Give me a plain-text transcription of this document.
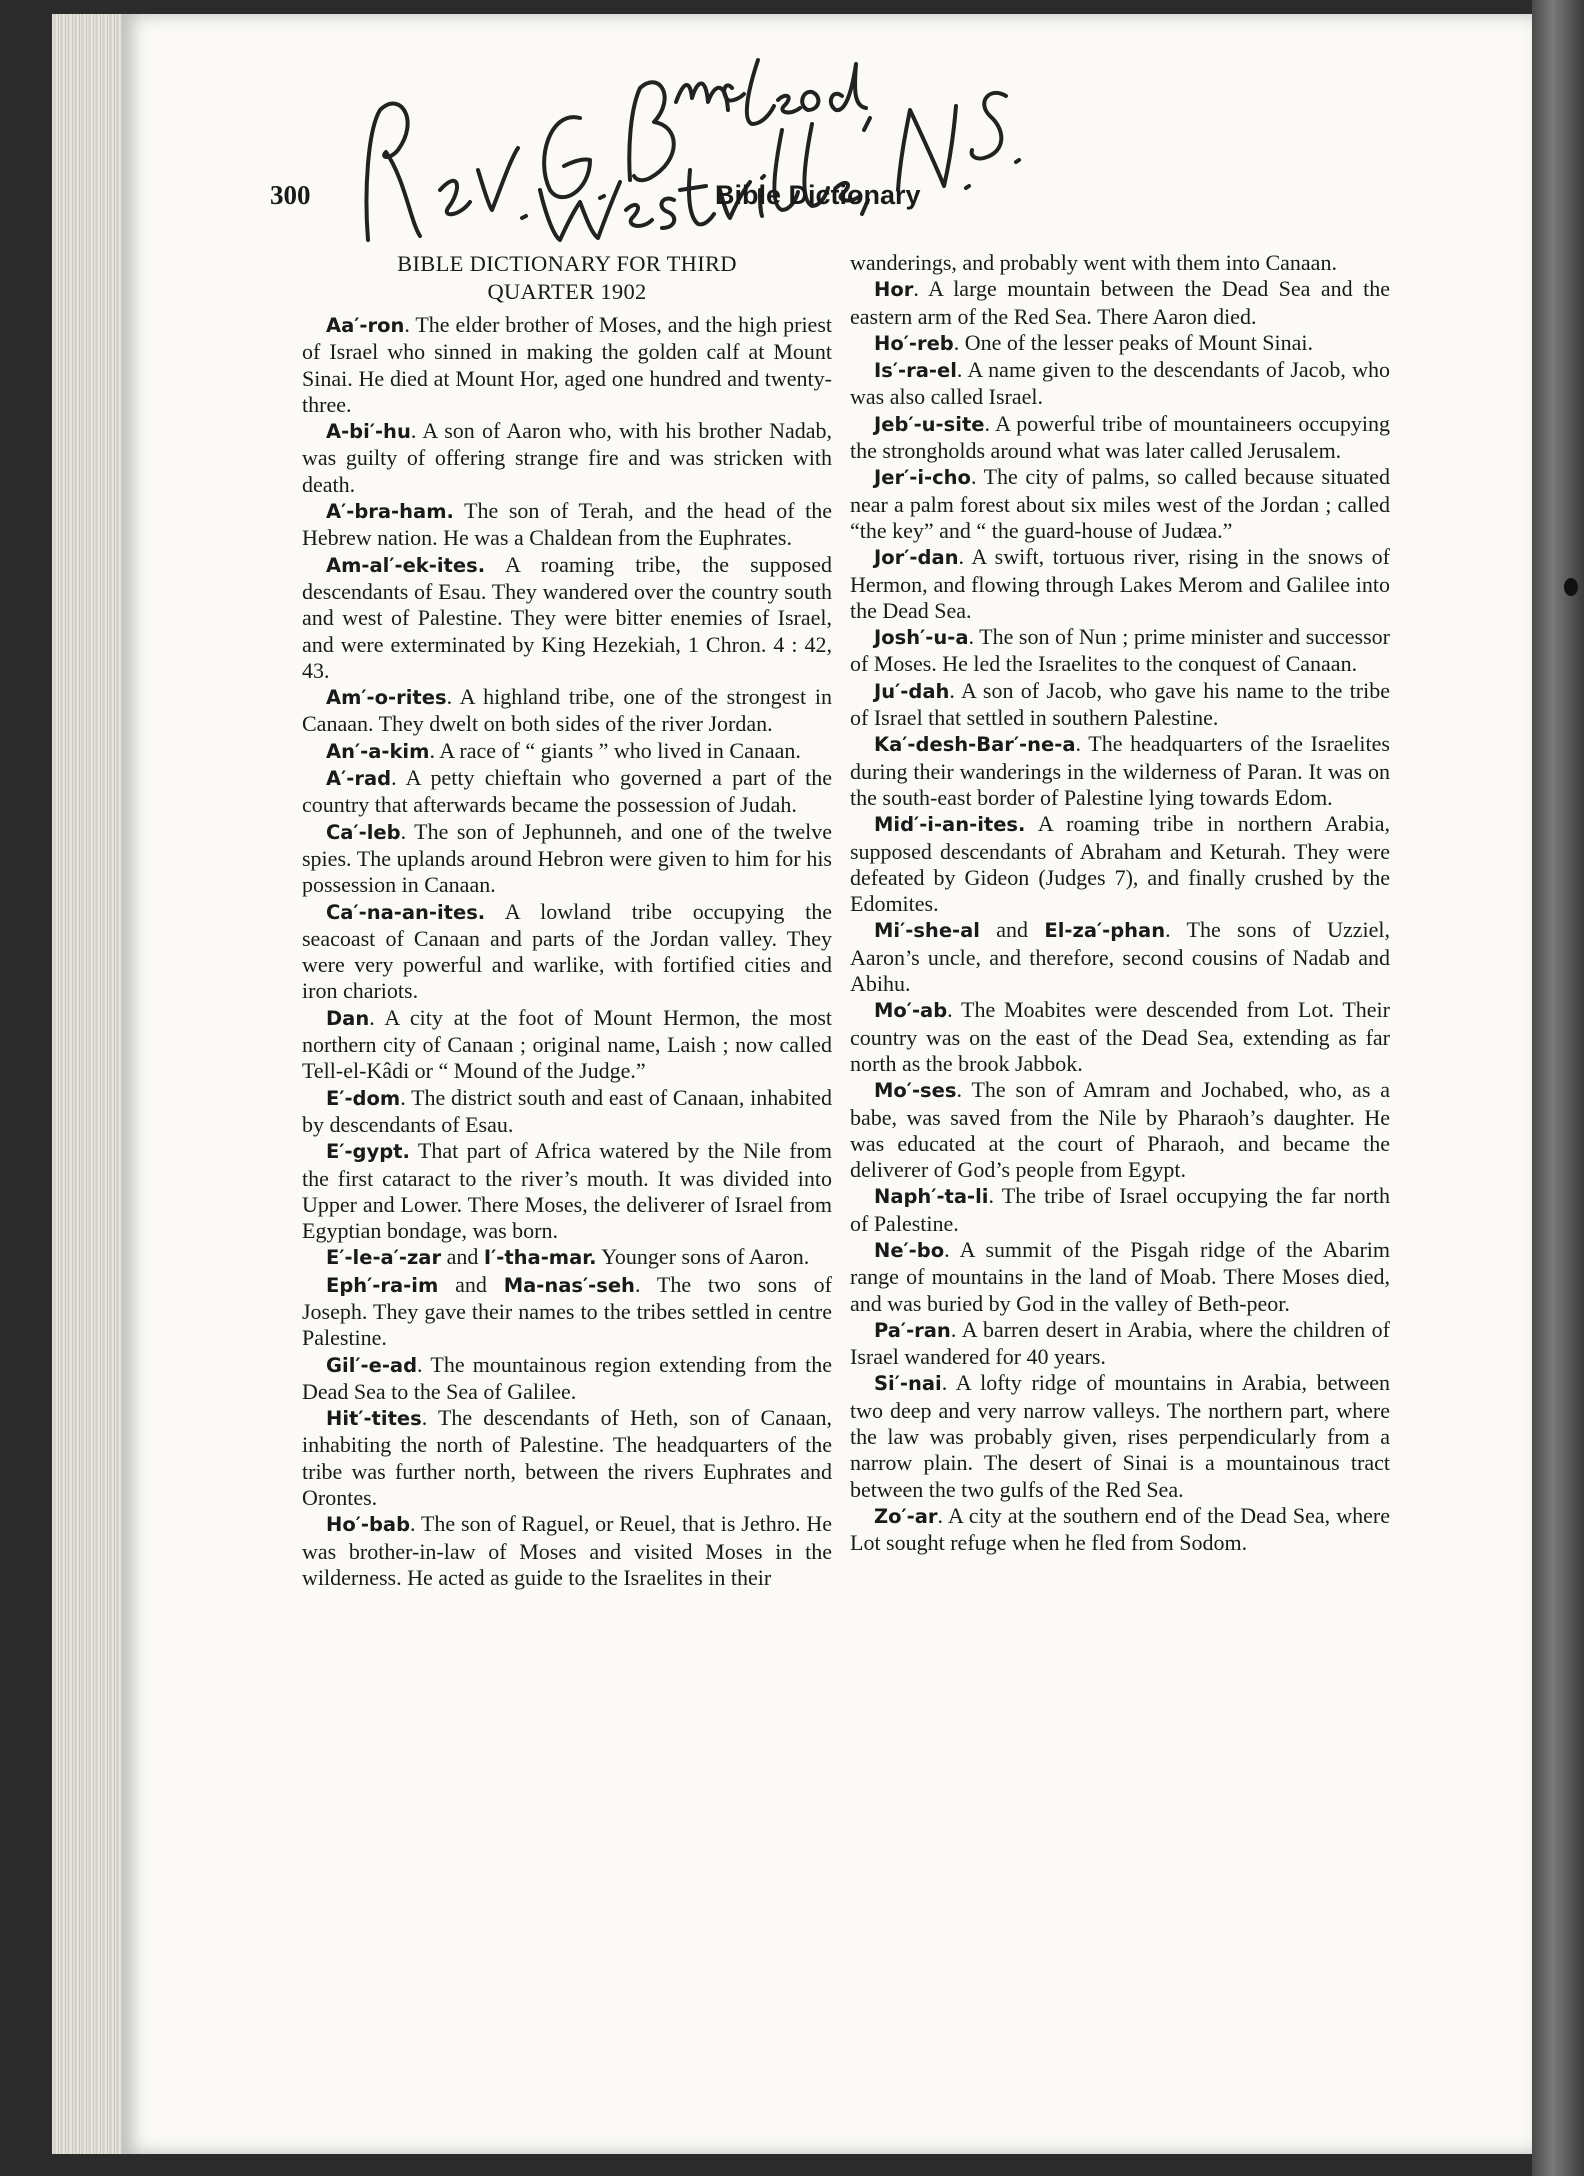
300	Bible Dictionary
BIBLE DICTIONARY FOR THIRD
QUARTER 1902

Aa′-ron. The elder brother of Moses, and the high priest of Israel who sinned in making the golden calf at Mount Sinai. He died at Mount Hor, aged one hundred and twenty-three.

A-bi′-hu. A son of Aaron who, with his brother Nadab, was guilty of offering strange fire and was stricken with death.

A′-bra-ham. The son of Terah, and the head of the Hebrew nation. He was a Chaldean from the Euphrates.

Am-al′-ek-ites. A roaming tribe, the supposed descendants of Esau. They wandered over the country south and west of Palestine. They were bitter enemies of Israel, and were exterminated by King Hezekiah, 1 Chron. 4 : 42, 43.

Am′-o-rites. A highland tribe, one of the strongest in Canaan. They dwelt on both sides of the river Jordan.

An′-a-kim. A race of “ giants ” who lived in Canaan.

A′-rad. A petty chieftain who governed a part of the country that afterwards became the possession of Judah.

Ca′-leb. The son of Jephunneh, and one of the twelve spies. The uplands around Hebron were given to him for his possession in Canaan.

Ca′-na-an-ites. A lowland tribe occupying the seacoast of Canaan and parts of the Jordan valley. They were very powerful and warlike, with fortified cities and iron chariots.

Dan. A city at the foot of Mount Hermon, the most northern city of Canaan ; original name, Laish ; now called Tell-el-Kâdi or “ Mound of the Judge.”

E′-dom. The district south and east of Canaan, inhabited by descendants of Esau.

E′-gypt. That part of Africa watered by the Nile from the first cataract to the river’s mouth. It was divided into Upper and Lower. There Moses, the deliverer of Israel from Egyptian bondage, was born.

E′-le-a′-zar and I′-tha-mar. Younger sons of Aaron.

Eph′-ra-im and Ma-nas′-seh. The two sons of Joseph. They gave their names to the tribes settled in centre Palestine.

Gil′-e-ad. The mountainous region extending from the Dead Sea to the Sea of Galilee.

Hit′-tites. The descendants of Heth, son of Canaan, inhabiting the north of Palestine. The headquarters of the tribe was further north, between the rivers Euphrates and Orontes.

Ho′-bab. The son of Raguel, or Reuel, that is Jethro. He was brother-in-law of Moses and visited Moses in the wilderness. He acted as guide to the Israelites in their

wanderings, and probably went with them into Canaan.

Hor. A large mountain between the Dead Sea and the eastern arm of the Red Sea. There Aaron died.

Ho′-reb. One of the lesser peaks of Mount Sinai.

Is′-ra-el. A name given to the descendants of Jacob, who was also called Israel.

Jeb′-u-site. A powerful tribe of mountaineers occupying the strongholds around what was later called Jerusalem.

Jer′-i-cho. The city of palms, so called because situated near a palm forest about six miles west of the Jordan ; called “the key” and “ the guard-house of Judæa.”

Jor′-dan. A swift, tortuous river, rising in the snows of Hermon, and flowing through Lakes Merom and Galilee into the Dead Sea.

Josh′-u-a. The son of Nun ; prime minister and successor of Moses. He led the Israelites to the conquest of Canaan.

Ju′-dah. A son of Jacob, who gave his name to the tribe of Israel that settled in southern Palestine.

Ka′-desh-Bar′-ne-a. The headquarters of the Israelites during their wanderings in the wilderness of Paran. It was on the south-east border of Palestine lying towards Edom.

Mid′-i-an-ites. A roaming tribe in northern Arabia, supposed descendants of Abraham and Keturah. They were defeated by Gideon (Judges 7), and finally crushed by the Edomites.

Mi′-she-al and El-za′-phan. The sons of Uzziel, Aaron’s uncle, and therefore, second cousins of Nadab and Abihu.

Mo′-ab. The Moabites were descended from Lot. Their country was on the east of the Dead Sea, extending as far north as the brook Jabbok.

Mo′-ses. The son of Amram and Jochabed, who, as a babe, was saved from the Nile by Pharaoh’s daughter. He was educated at the court of Pharaoh, and became the deliverer of God’s people from Egypt.

Naph′-ta-li. The tribe of Israel occupying the far north of Palestine.

Ne′-bo. A summit of the Pisgah ridge of the Abarim range of mountains in the land of Moab. There Moses died, and was buried by God in the valley of Beth-peor.

Pa′-ran. A barren desert in Arabia, where the children of Israel wandered for 40 years.

Si′-nai. A lofty ridge of mountains in Arabia, between two deep and very narrow valleys. The northern part, where the law was probably given, rises perpendicularly from a narrow plain. The desert of Sinai is a mountainous tract between the two gulfs of the Red Sea.

Zo′-ar. A city at the southern end of the Dead Sea, where Lot sought refuge when he fled from Sodom.
